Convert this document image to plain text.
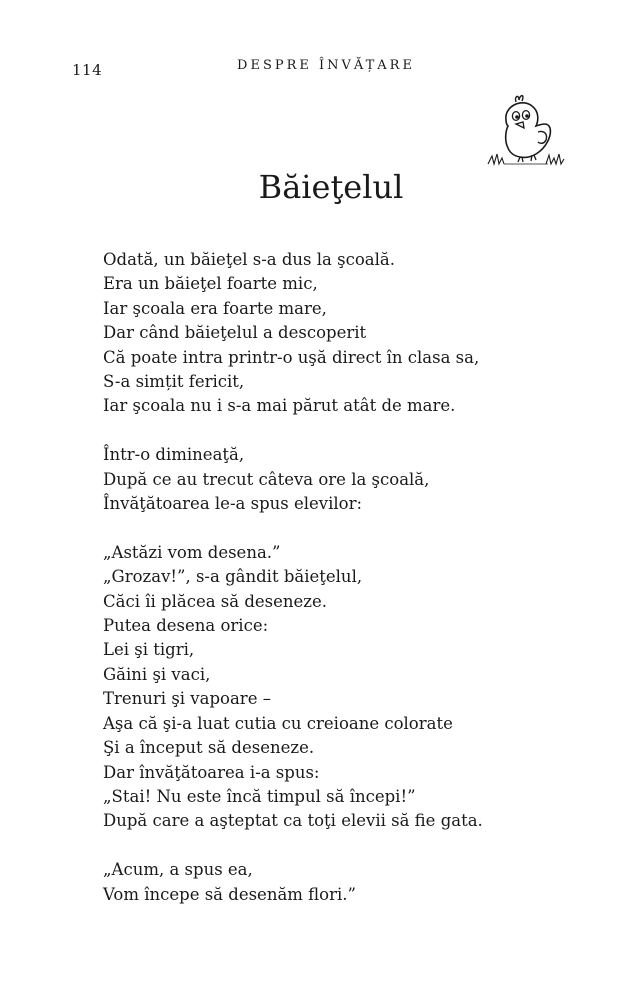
114	DESPRE ÎNVĂȚARE
Băieţelul
Odată, un băieţel s-a dus la şcoală.
Era un băieţel foarte mic,
Iar şcoala era foarte mare,
Dar când băieţelul a descoperit
Că poate intra printr-o uşă direct în clasa sa,
S-a simțit fericit,
Iar şcoala nu i s-a mai părut atât de mare.
Într-o dimineaţă,
După ce au trecut câteva ore la şcoală,
Învăţătoarea le-a spus elevilor:
„Astăzi vom desena.”
„Grozav!”, s-a gândit băieţelul,
Căci îi plăcea să deseneze.
Putea desena orice:
Lei şi tigri,
Găini şi vaci,
Trenuri şi vapoare –
Aşa că şi-a luat cutia cu creioane colorate
Şi a început să deseneze.
Dar învăţătoarea i-a spus:
„Stai! Nu este încă timpul să începi!”
După care a aşteptat ca toţi elevii să fie gata.
„Acum, a spus ea,
Vom începe să desenăm flori.”
